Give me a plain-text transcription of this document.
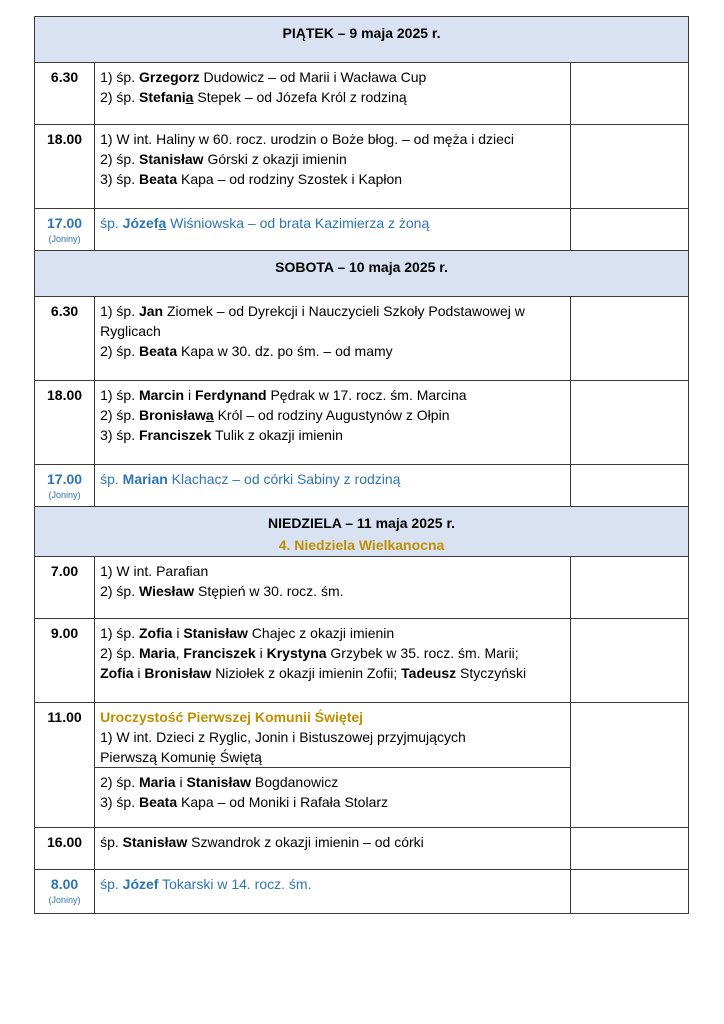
PIĄTEK – 9 maja 2025 r.		

6.30	1) śp. Grzegorz Dudowicz – od Marii i Wacława Cup
2) śp. Stefania Stepek – od Józefa Król z rodziną	

18.00	1) W int. Haliny w 60. rocz. urodzin o Boże błog. – od męża i dzieci
2) śp. Stanisław Górski z okazji imienin
3) śp. Beata Kapa – od rodziny Szostek i Kapłon	

17.00
(Joniny)	śp. Józefa Wiśniowska – od brata Kazimierza z żoną	

SOBOTA – 10 maja 2025 r.		

6.30	1) śp. Jan Ziomek – od Dyrekcji i Nauczycieli Szkoły Podstawowej w
Ryglicach
2) śp. Beata Kapa w 30. dz. po śm. – od mamy	

18.00	1) śp. Marcin i Ferdynand Pędrak w 17. rocz. śm. Marcina
2) śp. Bronisława Król – od rodziny Augustynów z Ołpin
3) śp. Franciszek Tulik z okazji imienin	

17.00
(Joniny)	śp. Marian Klachacz – od córki Sabiny z rodziną	

NIEDZIELA – 11 maja 2025 r.
4. Niedziela Wielkanocna		

7.00	1) W int. Parafian
2) śp. Wiesław Stępień w 30. rocz. śm.	

9.00	1) śp. Zofia i Stanisław Chajec z okazji imienin
2) śp. Maria, Franciszek i Krystyna Grzybek w 35. rocz. śm. Marii;
Zofia i Bronisław Niziołek z okazji imienin Zofii; Tadeusz Styczyński	

11.00	Uroczystość Pierwszej Komunii Świętej
1) W int. Dzieci z Ryglic, Jonin i Bistuszowej przyjmujących
Pierwszą Komunię Świętą	

	2) śp. Maria i Stanisław Bogdanowicz
3) śp. Beata Kapa – od Moniki i Rafała Stolarz	

16.00	śp. Stanisław Szwandrok z okazji imienin – od córki	

8.00
(Joniny)	śp. Józef Tokarski w 14. rocz. śm.	
